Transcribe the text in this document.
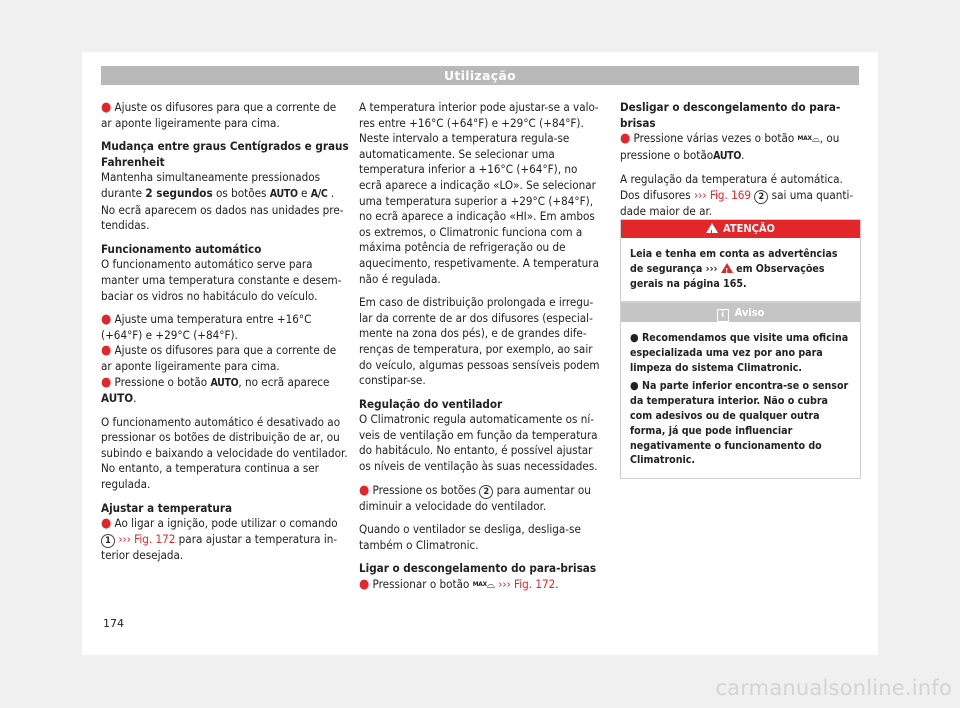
Utilização

● Ajuste os difusores para que a corrente de ar aponte ligeiramente para cima.

Mudança entre graus Centígrados e graus Fahrenheit

Mantenha simultaneamente pressionados durante 2 segundos os botões AUTO e A/C . No ecrã aparecem os dados nas unidades pretendidas.

Funcionamento automático

O funcionamento automático serve para manter uma temperatura constante e desembaciar os vidros no habitáculo do veículo.

● Ajuste uma temperatura entre +16°C (+64°F) e +29°C (+84°F).

● Ajuste os difusores para que a corrente de ar aponte ligeiramente para cima.

● Pressione o botão AUTO, no ecrã aparece AUTO.

O funcionamento automático é desativado ao pressionar os botões de distribuição de ar, ou subindo e baixando a velocidade do ventilador. No entanto, a temperatura continua a ser regulada.

Ajustar a temperatura

● Ao ligar a ignição, pode utilizar o comando 1 ››› Fig. 172 para ajustar a temperatura interior desejada.

A temperatura interior pode ajustar-se a valores entre +16°C (+64°F) e +29°C (+84°F). Neste intervalo a temperatura regula-se automaticamente. Se selecionar uma temperatura inferior a +16°C (+64°F), no ecrã aparece a indicação «LO». Se selecionar uma temperatura superior a +29°C (+84°F), no ecrã aparece a indicação «HI». Em ambos os extremos, o Climatronic funciona com a máxima potência de refrigeração ou de aquecimento, respetivamente. A temperatura não é regulada.

Em caso de distribuição prolongada e irregular da corrente de ar dos difusores (especialmente na zona dos pés), e de grandes diferenças de temperatura, por exemplo, ao sair do veículo, algumas pessoas sensíveis podem constipar-se.

Regulação do ventilador

O Climatronic regula automaticamente os níveis de ventilação em função da temperatura do habitáculo. No entanto, é possível ajustar os níveis de ventilação às suas necessidades.

● Pressione os botões 2 para aumentar ou diminuir a velocidade do ventilador.

Quando o ventilador se desliga, desliga-se também o Climatronic.

Ligar o descongelamento do para-brisas

● Pressionar o botão MAX⌓ ››› Fig. 172.

Desligar o descongelamento do para-brisas

● Pressione várias vezes o botão MAX⌓, ou pressione o botãoAUTO.

A regulação da temperatura é automática. Dos difusores ››› Fig. 169 2 sai uma quantidade maior de ar.

!ATENÇÃO
Leia e tenha em conta as advertências de segurança ››› ! em Observações gerais na página 165.
i Aviso

● Recomendamos que visite uma oficina especializada uma vez por ano para limpeza do sistema Climatronic.

● Na parte inferior encontra-se o sensor da temperatura interior. Não o cubra com adesivos ou de qualquer outra forma, já que pode influenciar negativamente o funcionamento do Climatronic.

174
carmanualsonline.info
